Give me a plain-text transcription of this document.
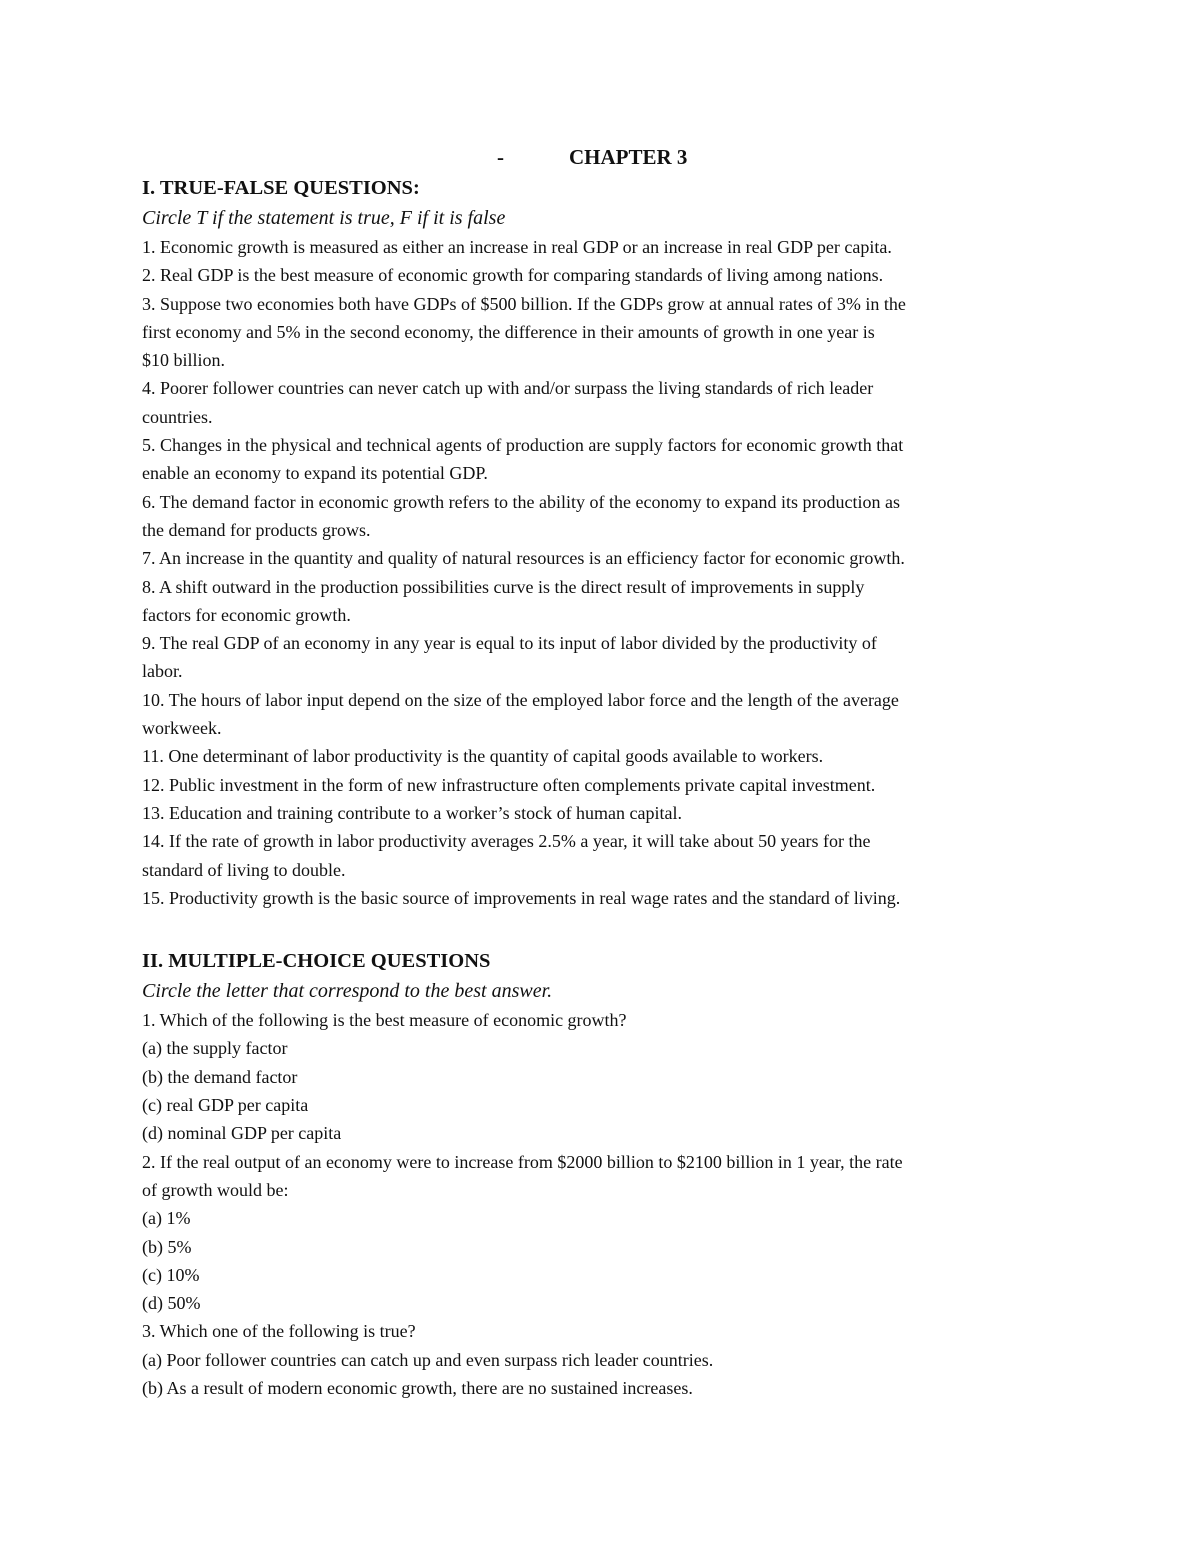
-	CHAPTER 3
I. TRUE-FALSE QUESTIONS:
Circle T if the statement is true, F if it is false
1. Economic growth is measured as either an increase in real GDP or an increase in real GDP per capita.
2. Real GDP is the best measure of economic growth for comparing standards of living among nations.
3. Suppose two economies both have GDPs of $500 billion. If the GDPs grow at annual rates of 3% in the
first economy and 5% in the second economy, the difference in their amounts of growth in one year is
$10 billion.
4. Poorer follower countries can never catch up with and/or surpass the living standards of rich leader
countries.
5. Changes in the physical and technical agents of production are supply factors for economic growth that
enable an economy to expand its potential GDP.
6. The demand factor in economic growth refers to the ability of the economy to expand its production as
the demand for products grows.
7. An increase in the quantity and quality of natural resources is an efficiency factor for economic growth.
8. A shift outward in the production possibilities curve is the direct result of improvements in supply
factors for economic growth.
9. The real GDP of an economy in any year is equal to its input of labor divided by the productivity of
labor.
10. The hours of labor input depend on the size of the employed labor force and the length of the average
workweek.
11. One determinant of labor productivity is the quantity of capital goods available to workers.
12. Public investment in the form of new infrastructure often complements private capital investment.
13. Education and training contribute to a worker’s stock of human capital.
14. If the rate of growth in labor productivity averages 2.5% a year, it will take about 50 years for the
standard of living to double.
15. Productivity growth is the basic source of improvements in real wage rates and the standard of living.
II. MULTIPLE-CHOICE QUESTIONS
Circle the letter that correspond to the best answer.
1. Which of the following is the best measure of economic growth?
(a) the supply factor
(b) the demand factor
(c) real GDP per capita
(d) nominal GDP per capita
2. If the real output of an economy were to increase from $2000 billion to $2100 billion in 1 year, the rate
of growth would be:
(a) 1%
(b) 5%
(c) 10%
(d) 50%
3. Which one of the following is true?
(a) Poor follower countries can catch up and even surpass rich leader countries.
(b) As a result of modern economic growth, there are no sustained increases.
